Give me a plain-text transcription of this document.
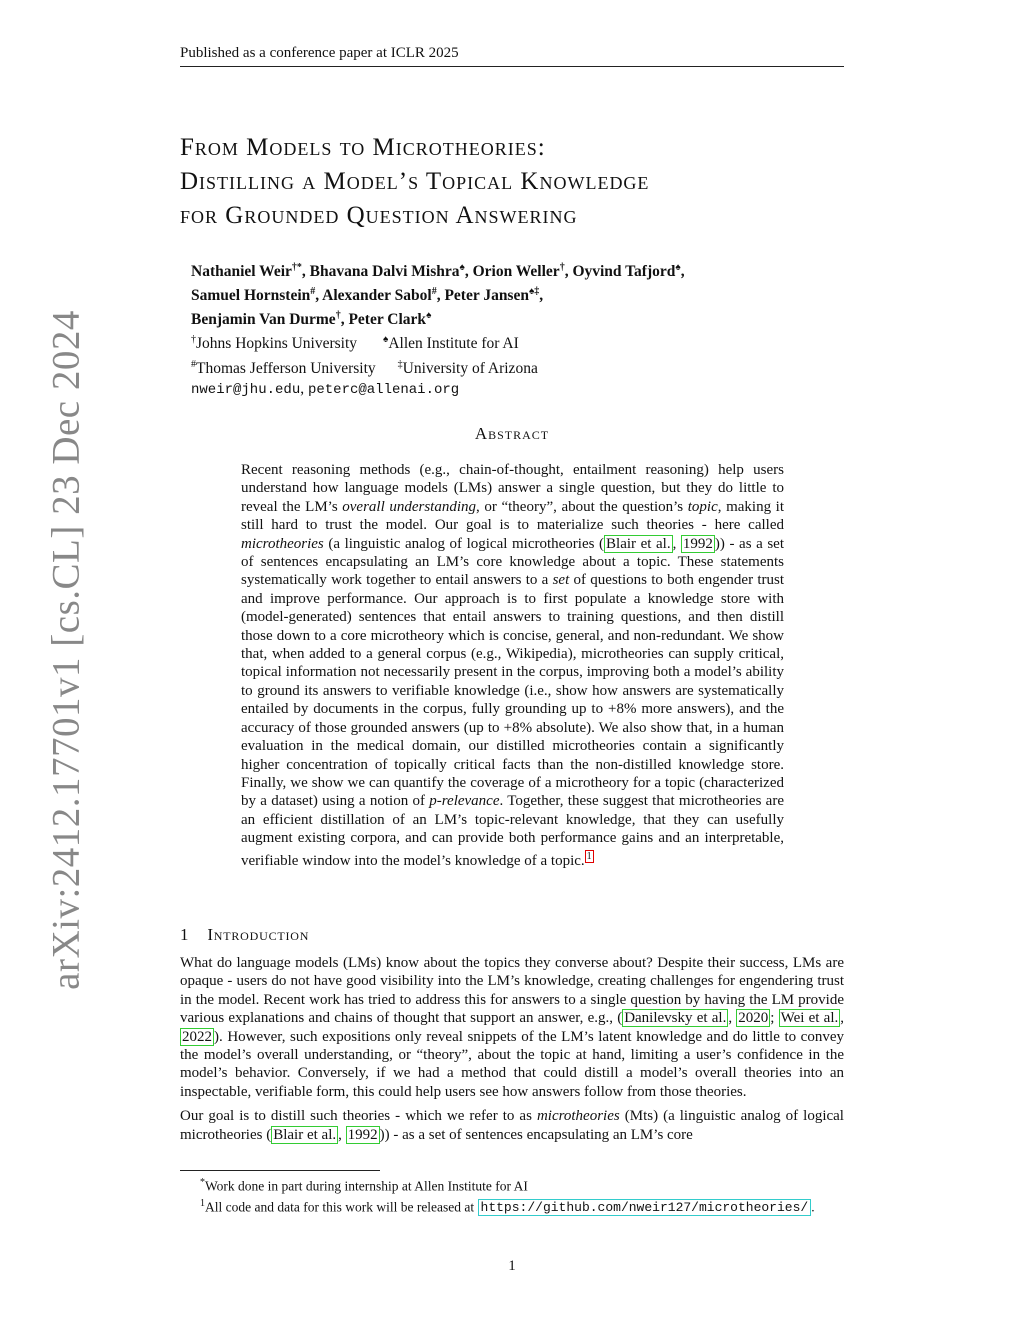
Published as a conference paper at ICLR 2025
arXiv:2412.17701v1 [cs.CL] 23 Dec 2024
From Models to Microtheories:
Distilling a Model’s Topical Knowledge
for Grounded Question Answering
Nathaniel Weir†*, Bhavana Dalvi Mishra♠, Orion Weller†, Oyvind Tafjord♠,
Samuel Hornstein#, Alexander Sabol#, Peter Jansen♠‡,
Benjamin Van Durme†, Peter Clark♠
†Johns Hopkins University	♠Allen Institute for AI
#Thomas Jefferson University ‡University of Arizona
nweir@jhu.edu, peterc@allenai.org
Abstract
Recent reasoning methods (e.g., chain-of-thought, entailment reasoning) help users understand how language models (LMs) answer a single question, but they do little to reveal the LM’s overall understanding, or “theory”, about the question’s topic, making it still hard to trust the model. Our goal is to materialize such theories - here called microtheories (a linguistic analog of logical microtheories ( Blair et al. , 1992 )) - as a set of sentences encapsulating an LM’s core knowledge about a topic. These statements systematically work together to entail answers to a set of questions to both engender trust and improve performance. Our approach is to first populate a knowledge store with (model-generated) sentences that entail answers to training questions, and then distill those down to a core microtheory which is concise, general, and non-redundant. We show that, when added to a general corpus (e.g., Wikipedia), microtheories can supply critical, topical information not necessarily present in the corpus, improving both a model’s ability to ground its answers to verifiable knowledge (i.e., show how answers are systematically entailed by documents in the corpus, fully grounding up to +8% more answers), and the accuracy of those grounded answers (up to +8% absolute). We also show that, in a human evaluation in the medical domain, our distilled microtheories contain a significantly higher concentration of topically critical facts than the non-distilled knowledge store. Finally, we show we can quantify the coverage of a microtheory for a topic (characterized by a dataset) using a notion of p-relevance. Together, these suggest that microtheories are an efficient distillation of an LM’s topic-relevant knowledge, that they can usefully augment existing corpora, and can provide both performance gains and an interpretable, verifiable window into the model’s knowledge of a topic. $^1$
1 Introduction

What do language models (LMs) know about the topics they converse about? Despite their success, LMs are opaque - users do not have good visibility into the LM’s knowledge, creating challenges for engendering trust in the model. Recent work has tried to address this for answers to a single question by having the LM provide various explanations and chains of thought that support an answer, e.g., ( Danilevsky et al. , 2020 ; Wei et al. , 2022 ). However, such expositions only reveal snippets of the LM’s latent knowledge and do little to convey the model’s overall understanding, or “theory”, about the topic at hand, limiting a user’s confidence in the model’s behavior. Conversely, if we had a method that could distill a model’s overall theories into an inspectable, verifiable form, this could help users see how answers follow from those theories.

Our goal is to distill such theories - which we refer to as microtheories (Mts) (a linguistic analog of logical microtheories ( Blair et al. , 1992 )) - as a set of sentences encapsulating an LM’s core

*Work done in part during internship at Allen Institute for AI
$^1$All code and data for this work will be released at https://github.com/nweir127/microtheories/ .
1
